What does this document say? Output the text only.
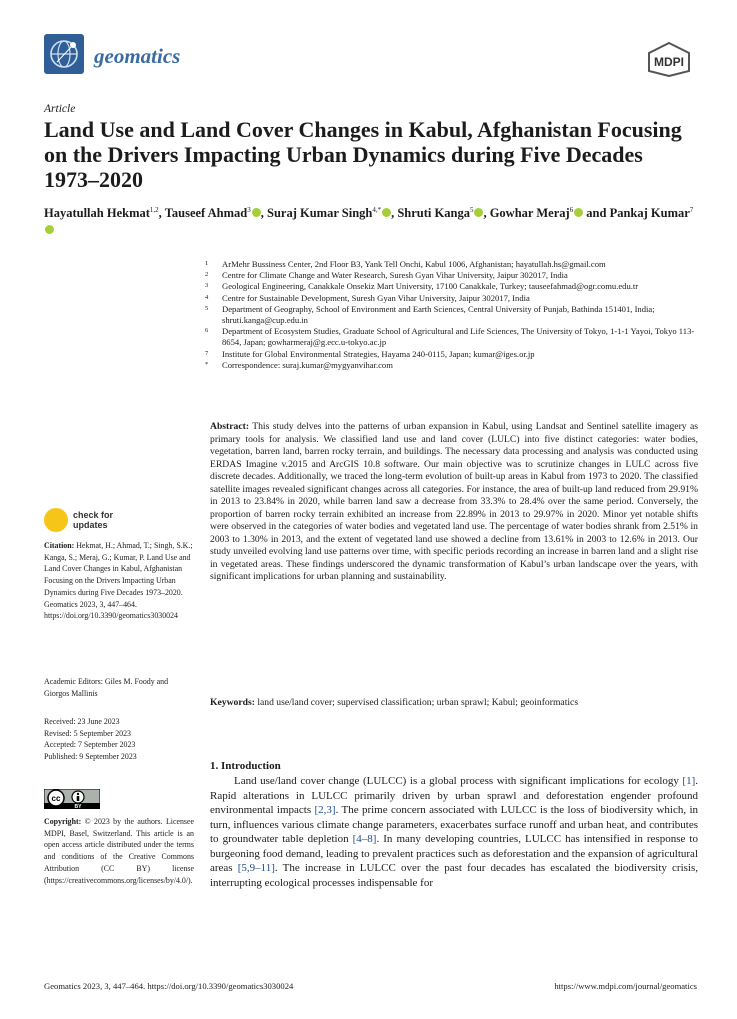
geomatics	MDPI
Article
Land Use and Land Cover Changes in Kabul, Afghanistan Focusing on the Drivers Impacting Urban Dynamics during Five Decades 1973–2020

Hayatullah Hekmat$^{1,2}$, Tauseef Ahmad$^3$ , Suraj Kumar Singh$^{4,*}$ , Shruti Kanga$^5$ , Gowhar Meraj$^6$ and Pankaj Kumar$^7$

1 ArMehr Bussiness Center, 2nd Floor B3, Yank Tell Onchi, Kabul 1006, Afghanistan; hayatullah.hs@gmail.com
2 Centre for Climate Change and Water Research, Suresh Gyan Vihar University, Jaipur 302017, India
3 Geological Engineering, Canakkale Onsekiz Mart University, 17100 Canakkale, Turkey; tauseefahmad@ogr.comu.edu.tr
4 Centre for Sustainable Development, Suresh Gyan Vihar University, Jaipur 302017, India
5 Department of Geography, School of Environment and Earth Sciences, Central University of Punjab, Bathinda 151401, India; shruti.kanga@cup.edu.in
6 Department of Ecosystem Studies, Graduate School of Agricultural and Life Sciences, The University of Tokyo, 1-1-1 Yayoi, Tokyo 113-8654, Japan; gowharmeraj@g.ecc.u-tokyo.ac.jp
7 Institute for Global Environmental Strategies, Hayama 240-0115, Japan; kumar@iges.or.jp
* Correspondence: suraj.kumar@mygyanvihar.com

Abstract: This study delves into the patterns of urban expansion in Kabul, using Landsat and Sentinel satellite imagery as primary tools for analysis. We classified land use and land cover (LULC) into five distinct categories: water bodies, vegetation, barren land, barren rocky terrain, and buildings. The necessary data processing and analysis was conducted using ERDAS Imagine v.2015 and ArcGIS 10.8 software. Our main objective was to scrutinize changes in LULC across five discrete decades. Additionally, we traced the long-term evolution of built-up areas in Kabul from 1973 to 2020. The classified satellite images revealed significant changes across all categories. For instance, the area of built-up land reduced from 29.91% in 2013 to 23.84% in 2020, while barren land saw a decrease from 33.3% to 28.4% over the same period. Conversely, the proportion of barren rocky terrain exhibited an increase from 22.89% in 2013 to 29.97% in 2020. Minor yet notable shifts were observed in the categories of water bodies and vegetated land use. The percentage of water bodies shrank from 2.51% in 2003 to 1.30% in 2013, and the extent of vegetated land use showed a decline from 13.61% in 2003 to 12.6% in 2013. Our study unveiled evolving land use patterns over time, with specific periods recording an increase in barren land and a slight rise in vegetated areas. These findings underscored the dynamic transformation of Kabul’s urban landscape over the years, with significant implications for urban planning and sustainability.

Keywords: land use/land cover; supervised classification; urban sprawl; Kabul; geoinformatics

check for
updates

Citation: Hekmat, H.; Ahmad, T.; Singh, S.K.; Kanga, S.; Meraj, G.; Kumar, P. Land Use and Land Cover Changes in Kabul, Afghanistan Focusing on the Drivers Impacting Urban Dynamics during Five Decades 1973–2020. Geomatics 2023, 3, 447–464. https://doi.org/10.3390/geomatics3030024

Academic Editors: Giles M. Foody and Giorgos Mallinis

Received: 23 June 2023
Revised: 5 September 2023
Accepted: 7 September 2023
Published: 9 September 2023
cc
BY

Copyright: © 2023 by the authors. Licensee MDPI, Basel, Switzerland. This article is an open access article distributed under the terms and conditions of the Creative Commons Attribution (CC BY) license (https://creativecommons.org/licenses/by/4.0/).

1. Introduction

Land use/land cover change (LULCC) is a global process with significant implications for ecology [1]. Rapid alterations in LULCC primarily driven by urban sprawl and deforestation engender profound environmental impacts [2,3]. The prime concern associated with LULCC is the loss of biodiversity which, in turn, influences various climate change parameters, exacerbates surface runoff and urban heat, and contributes to groundwater table depletion [4–8]. In many developing countries, LULCC has intensified in response to burgeoning food demand, leading to prevalent practices such as deforestation and the expansion of agricultural areas [5,9–11]. The increase in LULCC over the past four decades has escalated the biodiversity crisis, interrupting ecological processes indispensable for

Geomatics 2023, 3, 447–464. https://doi.org/10.3390/geomatics3030024	https://www.mdpi.com/journal/geomatics
